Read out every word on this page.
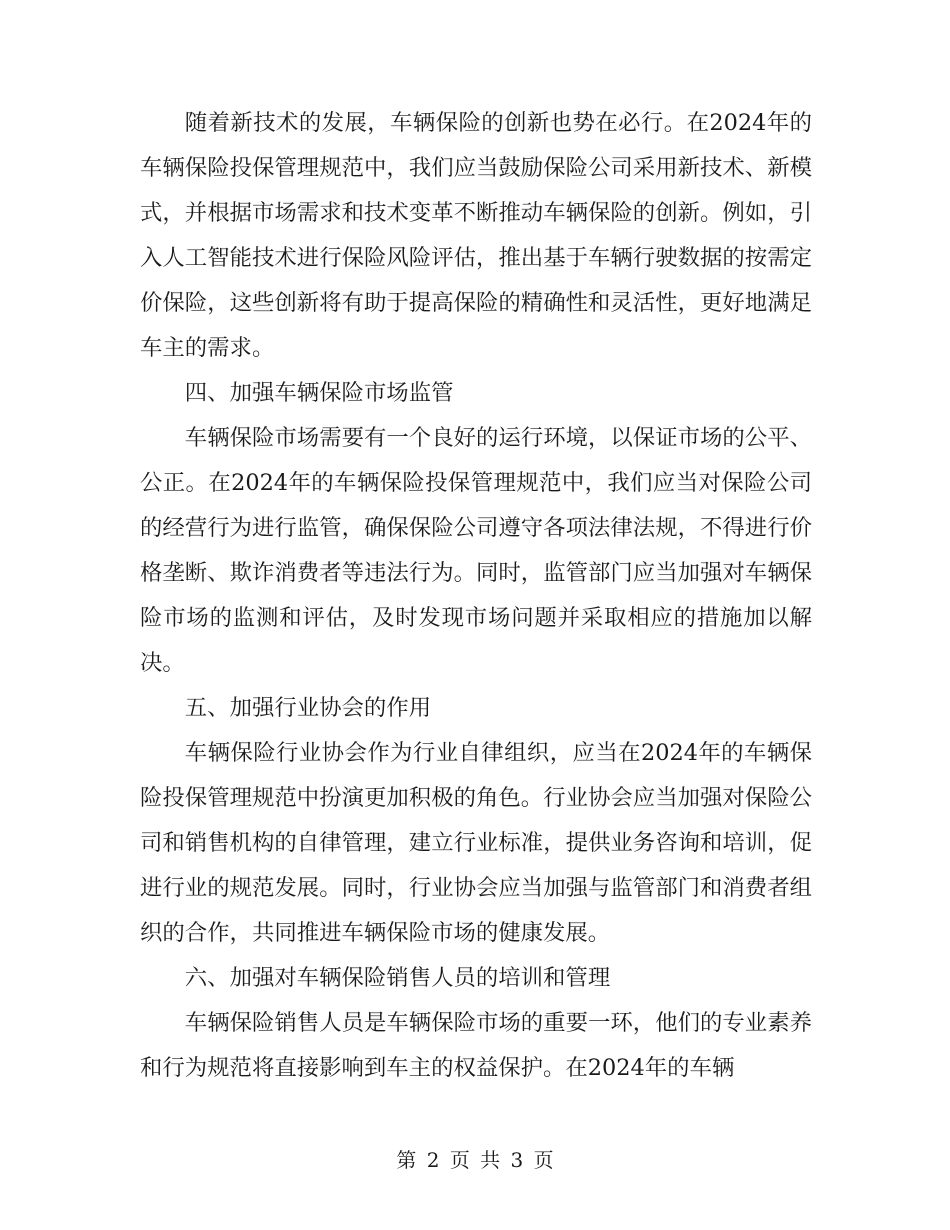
随着新技术的发展，车辆保险的创新也势在必行。在2024年的车辆保险投保管理规范中，我们应当鼓励保险公司采用新技术、新模式，并根据市场需求和技术变革不断推动车辆保险的创新。例如，引入人工智能技术进行保险风险评估，推出基于车辆行驶数据的按需定价保险，这些创新将有助于提高保险的精确性和灵活性，更好地满足车主的需求。

四、加强车辆保险市场监管

车辆保险市场需要有一个良好的运行环境，以保证市场的公平、公正。在2024年的车辆保险投保管理规范中，我们应当对保险公司的经营行为进行监管，确保保险公司遵守各项法律法规，不得进行价格垄断、欺诈消费者等违法行为。同时，监管部门应当加强对车辆保险市场的监测和评估，及时发现市场问题并采取相应的措施加以解决。

五、加强行业协会的作用

车辆保险行业协会作为行业自律组织，应当在2024年的车辆保险投保管理规范中扮演更加积极的角色。行业协会应当加强对保险公司和销售机构的自律管理，建立行业标准，提供业务咨询和培训，促进行业的规范发展。同时，行业协会应当加强与监管部门和消费者组织的合作，共同推进车辆保险市场的健康发展。

六、加强对车辆保险销售人员的培训和管理

车辆保险销售人员是车辆保险市场的重要一环，他们的专业素养和行为规范将直接影响到车主的权益保护。在2024年的车辆

第 2 页 共 3 页
